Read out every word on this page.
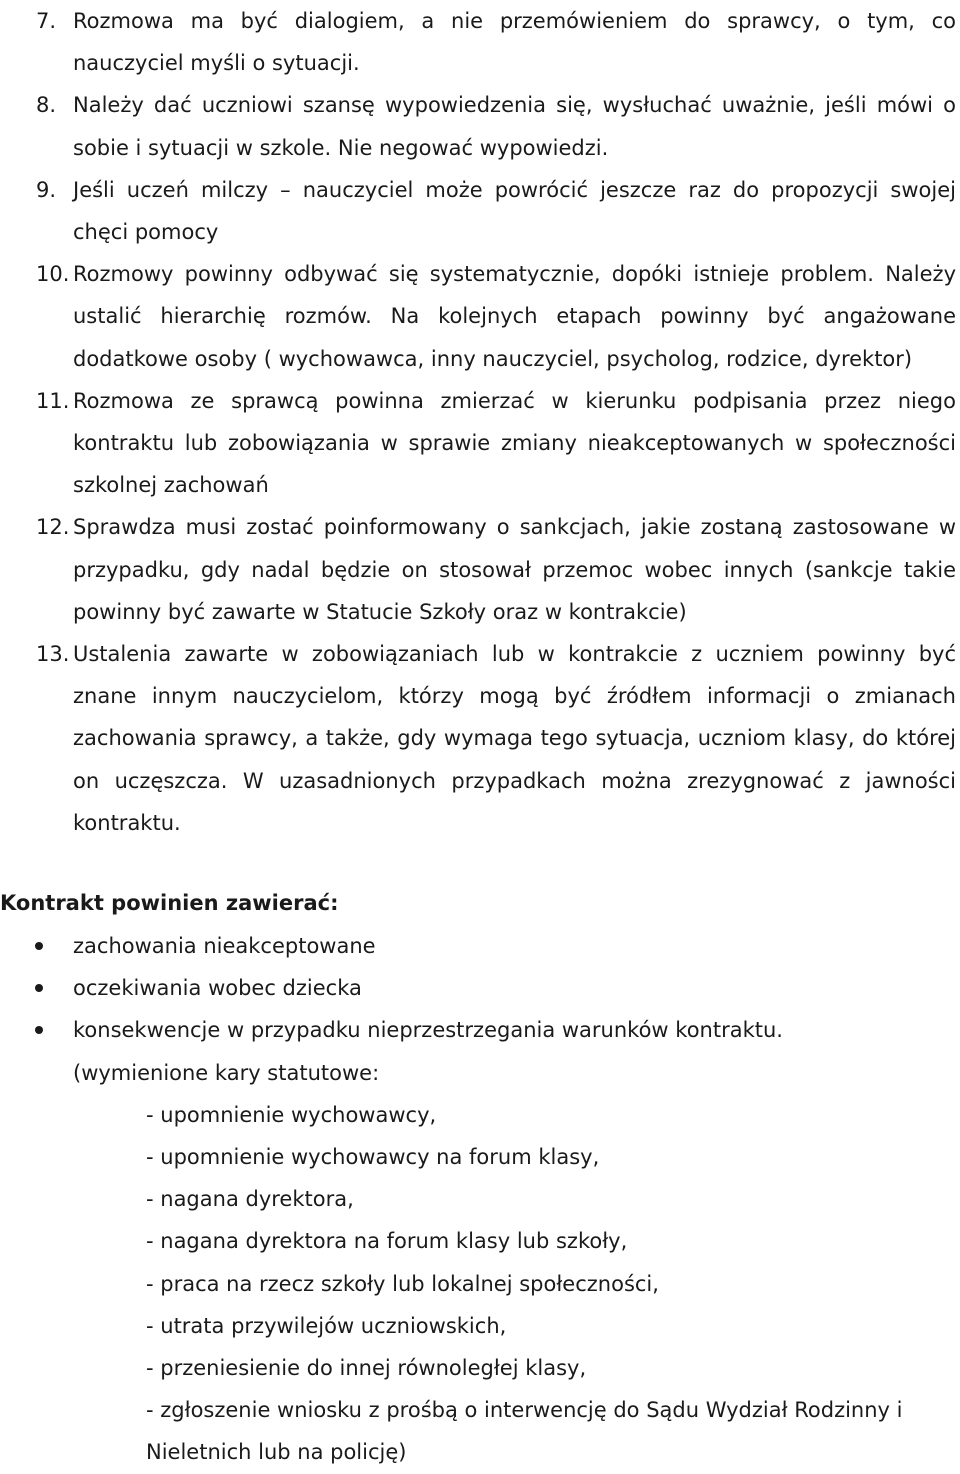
7. Rozmowa ma być dialogiem, a nie przemówieniem do sprawcy, o tym, co nauczyciel myśli o sytuacji.
8. Należy dać uczniowi szansę wypowiedzenia się, wysłuchać uważnie, jeśli mówi o sobie i sytuacji w szkole. Nie negować wypowiedzi.
9. Jeśli uczeń milczy – nauczyciel może powrócić jeszcze raz do propozycji swojej chęci pomocy
10. Rozmowy powinny odbywać się systematycznie, dopóki istnieje problem. Należy ustalić hierarchię rozmów. Na kolejnych etapach powinny być angażowane dodatkowe osoby ( wychowawca, inny nauczyciel, psycholog, rodzice, dyrektor)
11. Rozmowa ze sprawcą powinna zmierzać w kierunku podpisania przez niego kontraktu lub zobowiązania w sprawie zmiany nieakceptowanych w społeczności szkolnej zachowań
12. Sprawdza musi zostać poinformowany o sankcjach, jakie zostaną zastosowane w przypadku, gdy nadal będzie on stosował przemoc wobec innych (sankcje takie powinny być zawarte w Statucie Szkoły oraz w kontrakcie)
13. Ustalenia zawarte w zobowiązaniach lub w kontrakcie z uczniem powinny być znane innym nauczycielom, którzy mogą być źródłem informacji o zmianach zachowania sprawcy, a także, gdy wymaga tego sytuacja, uczniom klasy, do której on uczęszcza. W uzasadnionych przypadkach można zrezygnować z jawności kontraktu.
Kontrakt powinien zawierać:
zachowania nieakceptowane
oczekiwania wobec dziecka
konsekwencje w przypadku nieprzestrzegania warunków kontraktu.
(wymienione kary statutowe:
- upomnienie wychowawcy,
- upomnienie wychowawcy na forum klasy,
- nagana dyrektora,
- nagana dyrektora na forum klasy lub szkoły,
- praca na rzecz szkoły lub lokalnej społeczności,
- utrata przywilejów uczniowskich,
- przeniesienie do innej równoległej klasy,
- zgłoszenie wniosku z prośbą o interwencję do Sądu Wydział Rodzinny i Nieletnich lub na policję)
